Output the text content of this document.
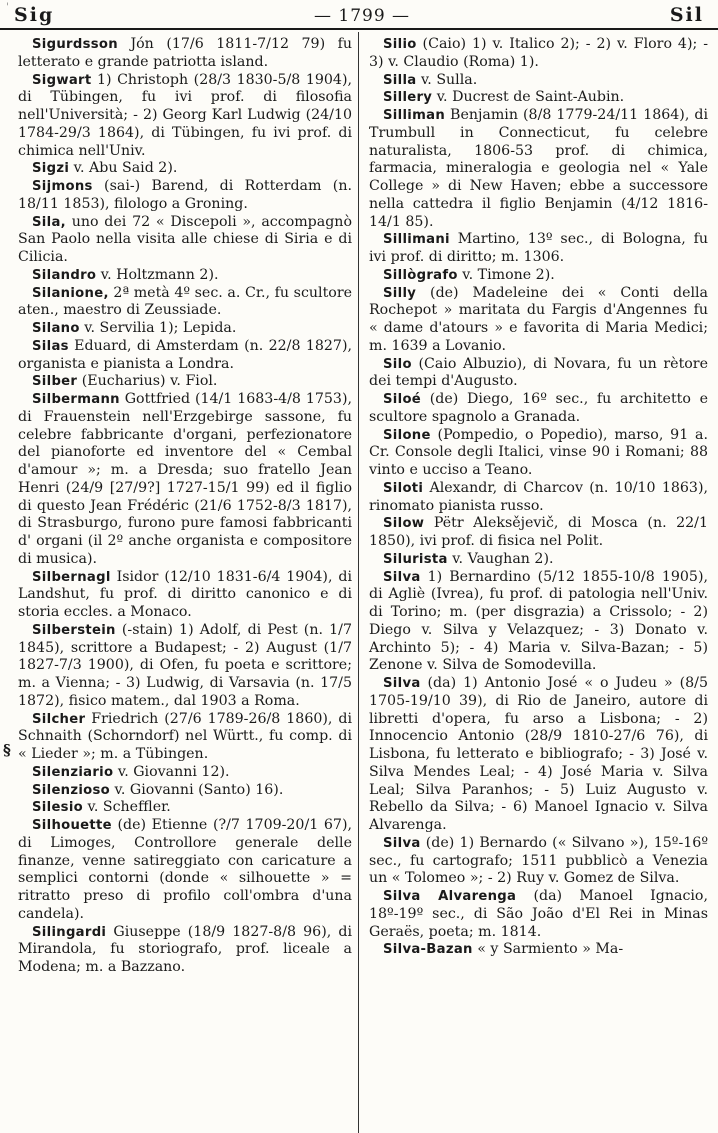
Sig	— 1799 —	Sil
'
§

Sigurdsson Jón (17/6 1811-7/12 79) fu letterato e grande patriotta island.

Sigwart 1) Christoph (28/3 1830-5/8 1904), di Tübingen, fu ivi prof. di filosofia nell'Università; - 2) Georg Karl Ludwig (24/10 1784-29/3 1864), di Tübingen, fu ivi prof. di chimica nell'Univ.

Sigzi v. Abu Said 2).

Sijmons (sai-) Barend, di Rotterdam (n. 18/11 1853), filologo a Groning.

Sila, uno dei 72 « Discepoli », accompagnò San Paolo nella visita alle chiese di Siria e di Cilicia.

Silandro v. Holtzmann 2).

Silanione, 2ª metà 4º sec. a. Cr., fu scultore aten., maestro di Zeussiade.

Silano v. Servilia 1); Lepida.

Silas Eduard, di Amsterdam (n. 22/8 1827), organista e pianista a Londra.

Silber (Eucharius) v. Fiol.

Silbermann Gottfried (14/1 1683-4/8 1753), di Frauenstein nell'Erzgebirge sassone, fu celebre fabbricante d'organi, perfezionatore del pianoforte ed inventore del « Cembal d'amour »; m. a Dresda; suo fratello Jean Henri (24/9 [27/9?] 1727-15/1 99) ed il figlio di questo Jean Frédéric (21/6 1752-8/3 1817), di Strasburgo, furono pure famosi fabbricanti d' organi (il 2º anche organista e compositore di musica).

Silbernagl Isidor (12/10 1831-6/4 1904), di Landshut, fu prof. di diritto canonico e di storia eccles. a Monaco.

Silberstein (-stain) 1) Adolf, di Pest (n. 1/7 1845), scrittore a Budapest; - 2) August (1/7 1827-7/3 1900), di Ofen, fu poeta e scrittore; m. a Vienna; - 3) Ludwig, di Varsavia (n. 17/5 1872), fisico matem., dal 1903 a Roma.

Silcher Friedrich (27/6 1789-26/8 1860), di Schnaith (Schorndorf) nel Württ., fu comp. di « Lieder »; m. a Tübingen.

Silenziario v. Giovanni 12).

Silenzioso v. Giovanni (Santo) 16).

Silesio v. Scheffler.

Silhouette (de) Etienne (?/7 1709-20/1 67), di Limoges, Controllore generale delle finanze, venne satireggiato con caricature a semplici contorni (donde « silhouette » = ritratto preso di profilo coll'ombra d'una candela).

Silingardi Giuseppe (18/9 1827-8/8 96), di Mirandola, fu storiografo, prof. liceale a Modena; m. a Bazzano.

Silio (Caio) 1) v. Italico 2); - 2) v. Floro 4); - 3) v. Claudio (Roma) 1).

Silla v. Sulla.

Sillery v. Ducrest de Saint-Aubin.

Silliman Benjamin (8/8 1779-24/11 1864), di Trumbull in Connecticut, fu celebre naturalista, 1806-53 prof. di chimica, farmacia, mineralogia e geologia nel « Yale College » di New Haven; ebbe a successore nella cattedra il figlio Benjamin (4/12 1816-14/1 85).

Sillimani Martino, 13º sec., di Bologna, fu ivi prof. di diritto; m. 1306.

Sillògrafo v. Timone 2).

Silly (de) Madeleine dei « Conti della Rochepot » maritata du Fargis d'Angennes fu « dame d'atours » e favorita di Maria Medici; m. 1639 a Lovanio.

Silo (Caio Albuzio), di Novara, fu un rètore dei tempi d'Augusto.

Siloé (de) Diego, 16º sec., fu architetto e scultore spagnolo a Granada.

Silone (Pompedio, o Popedio), marso, 91 a. Cr. Console degli Italici, vinse 90 i Romani; 88 vinto e ucciso a Teano.

Siloti Alexandr, di Charcov (n. 10/10 1863), rinomato pianista russo.

Silow Pëtr Aleksějevič, di Mosca (n. 22/1 1850), ivi prof. di fisica nel Polit.

Silurista v. Vaughan 2).

Silva 1) Bernardino (5/12 1855-10/8 1905), di Agliè (Ivrea), fu prof. di patologia nell'Univ. di Torino; m. (per disgrazia) a Crissolo; - 2) Diego v. Silva y Velazquez; - 3) Donato v. Archinto 5); - 4) Maria v. Silva-Bazan; - 5) Zenone v. Silva de Somodevilla.

Silva (da) 1) Antonio José « o Judeu » (8/5 1705-19/10 39), di Rio de Janeiro, autore di libretti d'opera, fu arso a Lisbona; - 2) Innocencio Antonio (28/9 1810-27/6 76), di Lisbona, fu letterato e bibliografo; - 3) José v. Silva Mendes Leal; - 4) José Maria v. Silva Leal; Silva Paranhos; - 5) Luiz Augusto v. Rebello da Silva; - 6) Manoel Ignacio v. Silva Alvarenga.

Silva (de) 1) Bernardo (« Silvano »), 15º-16º sec., fu cartografo; 1511 pubblicò a Venezia un « Tolomeo »; - 2) Ruy v. Gomez de Silva.

Silva Alvarenga (da) Manoel Ignacio, 18º-19º sec., di São João d'El Rei in Minas Geraës, poeta; m. 1814.

Silva-Bazan « y Sarmiento » Ma-
